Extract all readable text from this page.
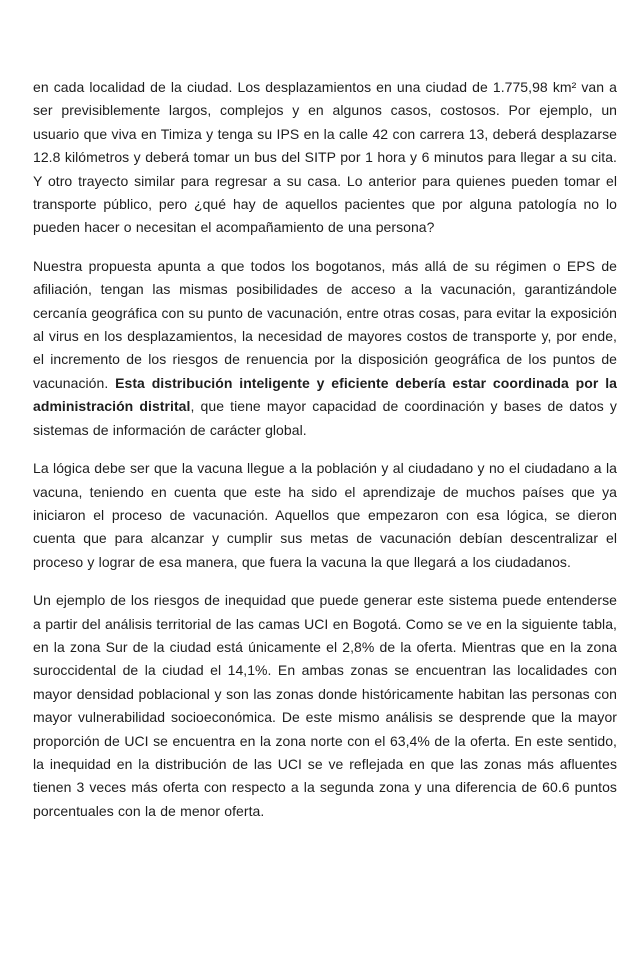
en cada localidad de la ciudad. Los desplazamientos en una ciudad de 1.775,98 km² van a ser previsiblemente largos, complejos y en algunos casos, costosos. Por ejemplo, un usuario que viva en Timiza y tenga su IPS en la calle 42 con carrera 13, deberá desplazarse 12.8 kilómetros y deberá tomar un bus del SITP por 1 hora y 6 minutos para llegar a su cita. Y otro trayecto similar para regresar a su casa. Lo anterior para quienes pueden tomar el transporte público, pero ¿qué hay de aquellos pacientes que por alguna patología no lo pueden hacer o necesitan el acompañamiento de una persona?

Nuestra propuesta apunta a que todos los bogotanos, más allá de su régimen o EPS de afiliación, tengan las mismas posibilidades de acceso a la vacunación, garantizándole cercanía geográfica con su punto de vacunación, entre otras cosas, para evitar la exposición al virus en los desplazamientos, la necesidad de mayores costos de transporte y, por ende, el incremento de los riesgos de renuencia por la disposición geográfica de los puntos de vacunación. Esta distribución inteligente y eficiente debería estar coordinada por la administración distrital, que tiene mayor capacidad de coordinación y bases de datos y sistemas de información de carácter global.

La lógica debe ser que la vacuna llegue a la población y al ciudadano y no el ciudadano a la vacuna, teniendo en cuenta que este ha sido el aprendizaje de muchos países que ya iniciaron el proceso de vacunación. Aquellos que empezaron con esa lógica, se dieron cuenta que para alcanzar y cumplir sus metas de vacunación debían descentralizar el proceso y lograr de esa manera, que fuera la vacuna la que llegará a los ciudadanos.

Un ejemplo de los riesgos de inequidad que puede generar este sistema puede entenderse a partir del análisis territorial de las camas UCI en Bogotá. Como se ve en la siguiente tabla, en la zona Sur de la ciudad está únicamente el 2,8% de la oferta. Mientras que en la zona suroccidental de la ciudad el 14,1%. En ambas zonas se encuentran las localidades con mayor densidad poblacional y son las zonas donde históricamente habitan las personas con mayor vulnerabilidad socioeconómica. De este mismo análisis se desprende que la mayor proporción de UCI se encuentra en la zona norte con el 63,4% de la oferta. En este sentido, la inequidad en la distribución de las UCI se ve reflejada en que las zonas más afluentes tienen 3 veces más oferta con respecto a la segunda zona y una diferencia de 60.6 puntos porcentuales con la de menor oferta.
